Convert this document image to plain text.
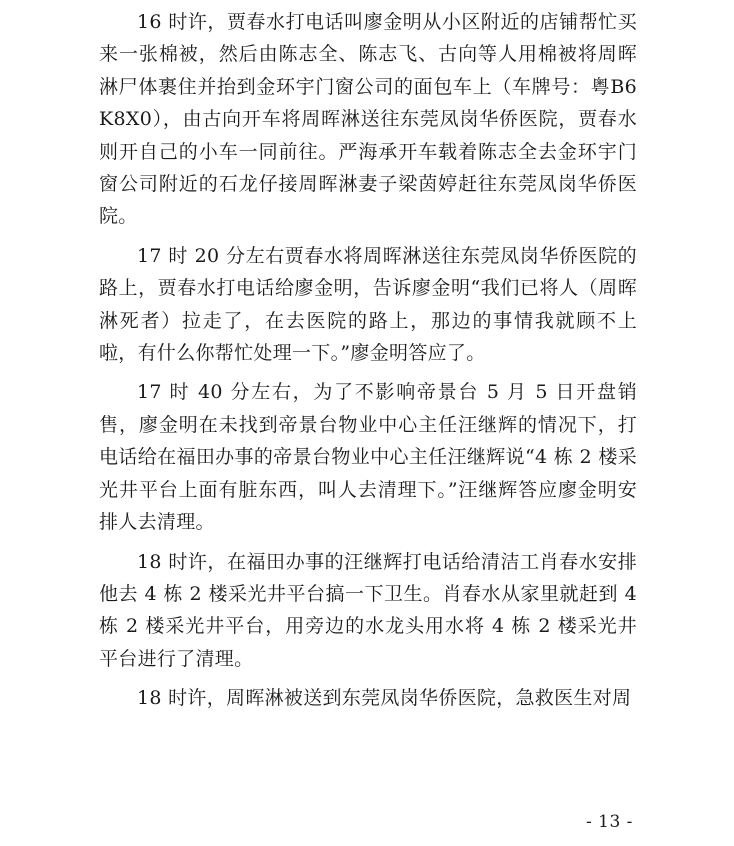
16 时许，贾春水打电话叫廖金明从小区附近的店铺帮忙买来一张棉被，然后由陈志全、陈志飞、古向等人用棉被将周晖淋尸体裹住并抬到金环宇门窗公司的面包车上（车牌号：粤B6K8X0），由古向开车将周晖淋送往东莞凤岗华侨医院，贾春水则开自己的小车一同前往。严海承开车载着陈志全去金环宇门窗公司附近的石龙仔接周晖淋妻子梁茵婷赶往东莞凤岗华侨医院。

17 时 20 分左右贾春水将周晖淋送往东莞凤岗华侨医院的路上，贾春水打电话给廖金明，告诉廖金明“我们已将人（周晖淋死者）拉走了，在去医院的路上，那边的事情我就顾不上啦，有什么你帮忙处理一下。”廖金明答应了。

17 时 40 分左右，为了不影响帝景台 5 月 5 日开盘销售，廖金明在未找到帝景台物业中心主任汪继辉的情况下，打电话给在福田办事的帝景台物业中心主任汪继辉说“4 栋 2 楼采光井平台上面有脏东西，叫人去清理下。”汪继辉答应廖金明安排人去清理。

18 时许，在福田办事的汪继辉打电话给清洁工肖春水安排他去 4 栋 2 楼采光井平台搞一下卫生。肖春水从家里就赶到 4 栋 2 楼采光井平台，用旁边的水龙头用水将 4 栋 2 楼采光井平台进行了清理。

18 时许，周晖淋被送到东莞凤岗华侨医院，急救医生对周

- 13 -
